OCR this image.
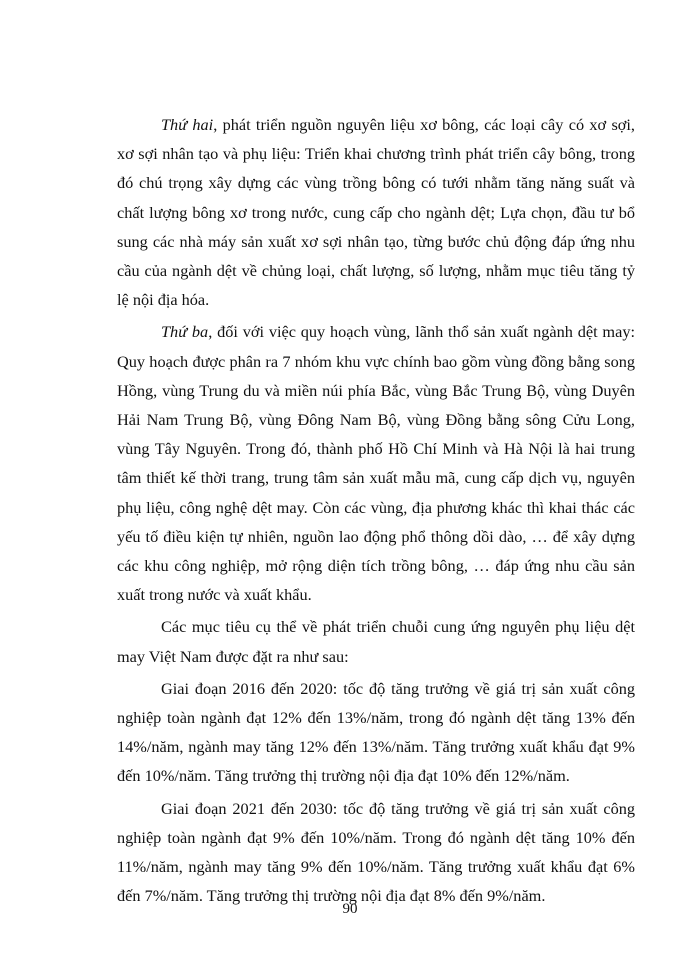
Thứ hai, phát triển nguồn nguyên liệu xơ bông, các loại cây có xơ sợi, xơ sợi nhân tạo và phụ liệu: Triển khai chương trình phát triển cây bông, trong đó chú trọng xây dựng các vùng trồng bông có tưới nhằm tăng năng suất và chất lượng bông xơ trong nước, cung cấp cho ngành dệt; Lựa chọn, đầu tư bổ sung các nhà máy sản xuất xơ sợi nhân tạo, từng bước chủ động đáp ứng nhu cầu của ngành dệt về chủng loại, chất lượng, số lượng, nhằm mục tiêu tăng tỷ lệ nội địa hóa.

Thứ ba, đối với việc quy hoạch vùng, lãnh thổ sản xuất ngành dệt may: Quy hoạch được phân ra 7 nhóm khu vực chính bao gồm vùng đồng bằng song Hồng, vùng Trung du và miền núi phía Bắc, vùng Bắc Trung Bộ, vùng Duyên Hải Nam Trung Bộ, vùng Đông Nam Bộ, vùng Đồng bằng sông Cửu Long, vùng Tây Nguyên. Trong đó, thành phố Hồ Chí Minh và Hà Nội là hai trung tâm thiết kế thời trang, trung tâm sản xuất mẫu mã, cung cấp dịch vụ, nguyên phụ liệu, công nghệ dệt may. Còn các vùng, địa phương khác thì khai thác các yếu tố điều kiện tự nhiên, nguồn lao động phổ thông dồi dào, … để xây dựng các khu công nghiệp, mở rộng diện tích trồng bông, … đáp ứng nhu cầu sản xuất trong nước và xuất khẩu.

Các mục tiêu cụ thể về phát triển chuỗi cung ứng nguyên phụ liệu dệt may Việt Nam được đặt ra như sau:

Giai đoạn 2016 đến 2020: tốc độ tăng trưởng về giá trị sản xuất công nghiệp toàn ngành đạt 12% đến 13%/năm, trong đó ngành dệt tăng 13% đến 14%/năm, ngành may tăng 12% đến 13%/năm. Tăng trưởng xuất khẩu đạt 9% đến 10%/năm. Tăng trưởng thị trường nội địa đạt 10% đến 12%/năm.

Giai đoạn 2021 đến 2030: tốc độ tăng trưởng về giá trị sản xuất công nghiệp toàn ngành đạt 9% đến 10%/năm. Trong đó ngành dệt tăng 10% đến 11%/năm, ngành may tăng 9% đến 10%/năm. Tăng trưởng xuất khẩu đạt 6% đến 7%/năm. Tăng trưởng thị trường nội địa đạt 8% đến 9%/năm.

90
